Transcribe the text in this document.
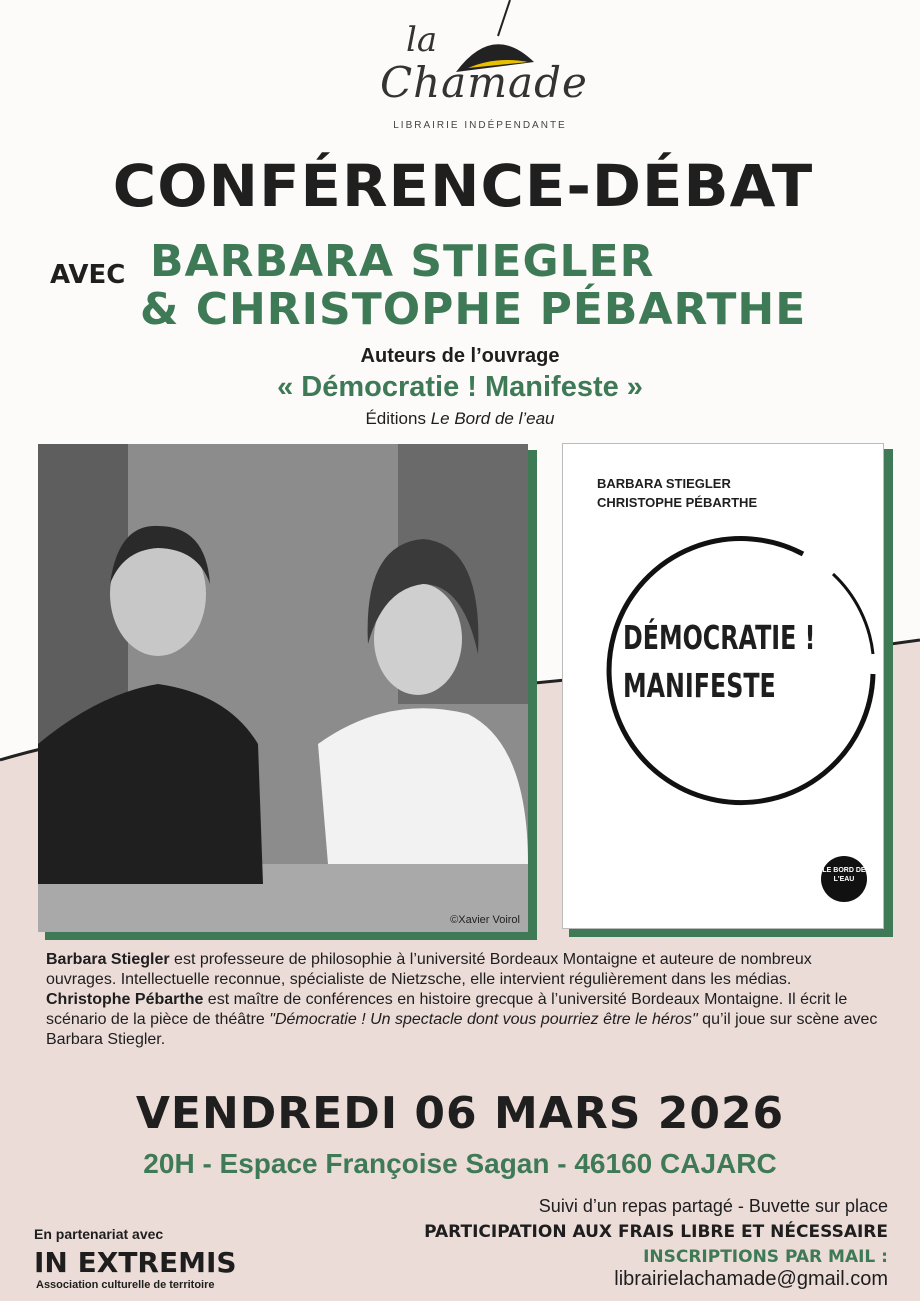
la
Chamade
LIBRAIRIE INDÉPENDANTE
CONFÉRENCE-DÉBAT
AVEC BARBARA STIEGLER
& CHRISTOPHE PÉBARTHE
Auteurs de l’ouvrage
« Démocratie ! Manifeste »
Éditions Le Bord de l’eau
©Xavier Voirol
BARBARA STIEGLER
CHRISTOPHE PÉBARTHE
DÉMOCRATIE !
MANIFESTE
LE BORD DE L'EAU
Barbara Stiegler est professeure de philosophie à l’université Bordeaux Montaigne et auteure de nombreux ouvrages. Intellectuelle reconnue, spécialiste de Nietzsche, elle intervient régulièrement dans les médias.
Christophe Pébarthe est maître de conférences en histoire grecque à l’université Bordeaux Montaigne. Il écrit le scénario de la pièce de théâtre "Démocratie ! Un spectacle dont vous pourriez être le héros" qu’il joue sur scène avec Barbara Stiegler.
VENDREDI 06 MARS 2026
20H - Espace Françoise Sagan - 46160 CAJARC
Suivi d’un repas partagé - Buvette sur place
PARTICIPATION AUX FRAIS LIBRE ET NÉCESSAIRE
INSCRIPTIONS PAR MAIL :
librairielachamade@gmail.com
En partenariat avec
IN EXTREMIS
Association culturelle de territoire
